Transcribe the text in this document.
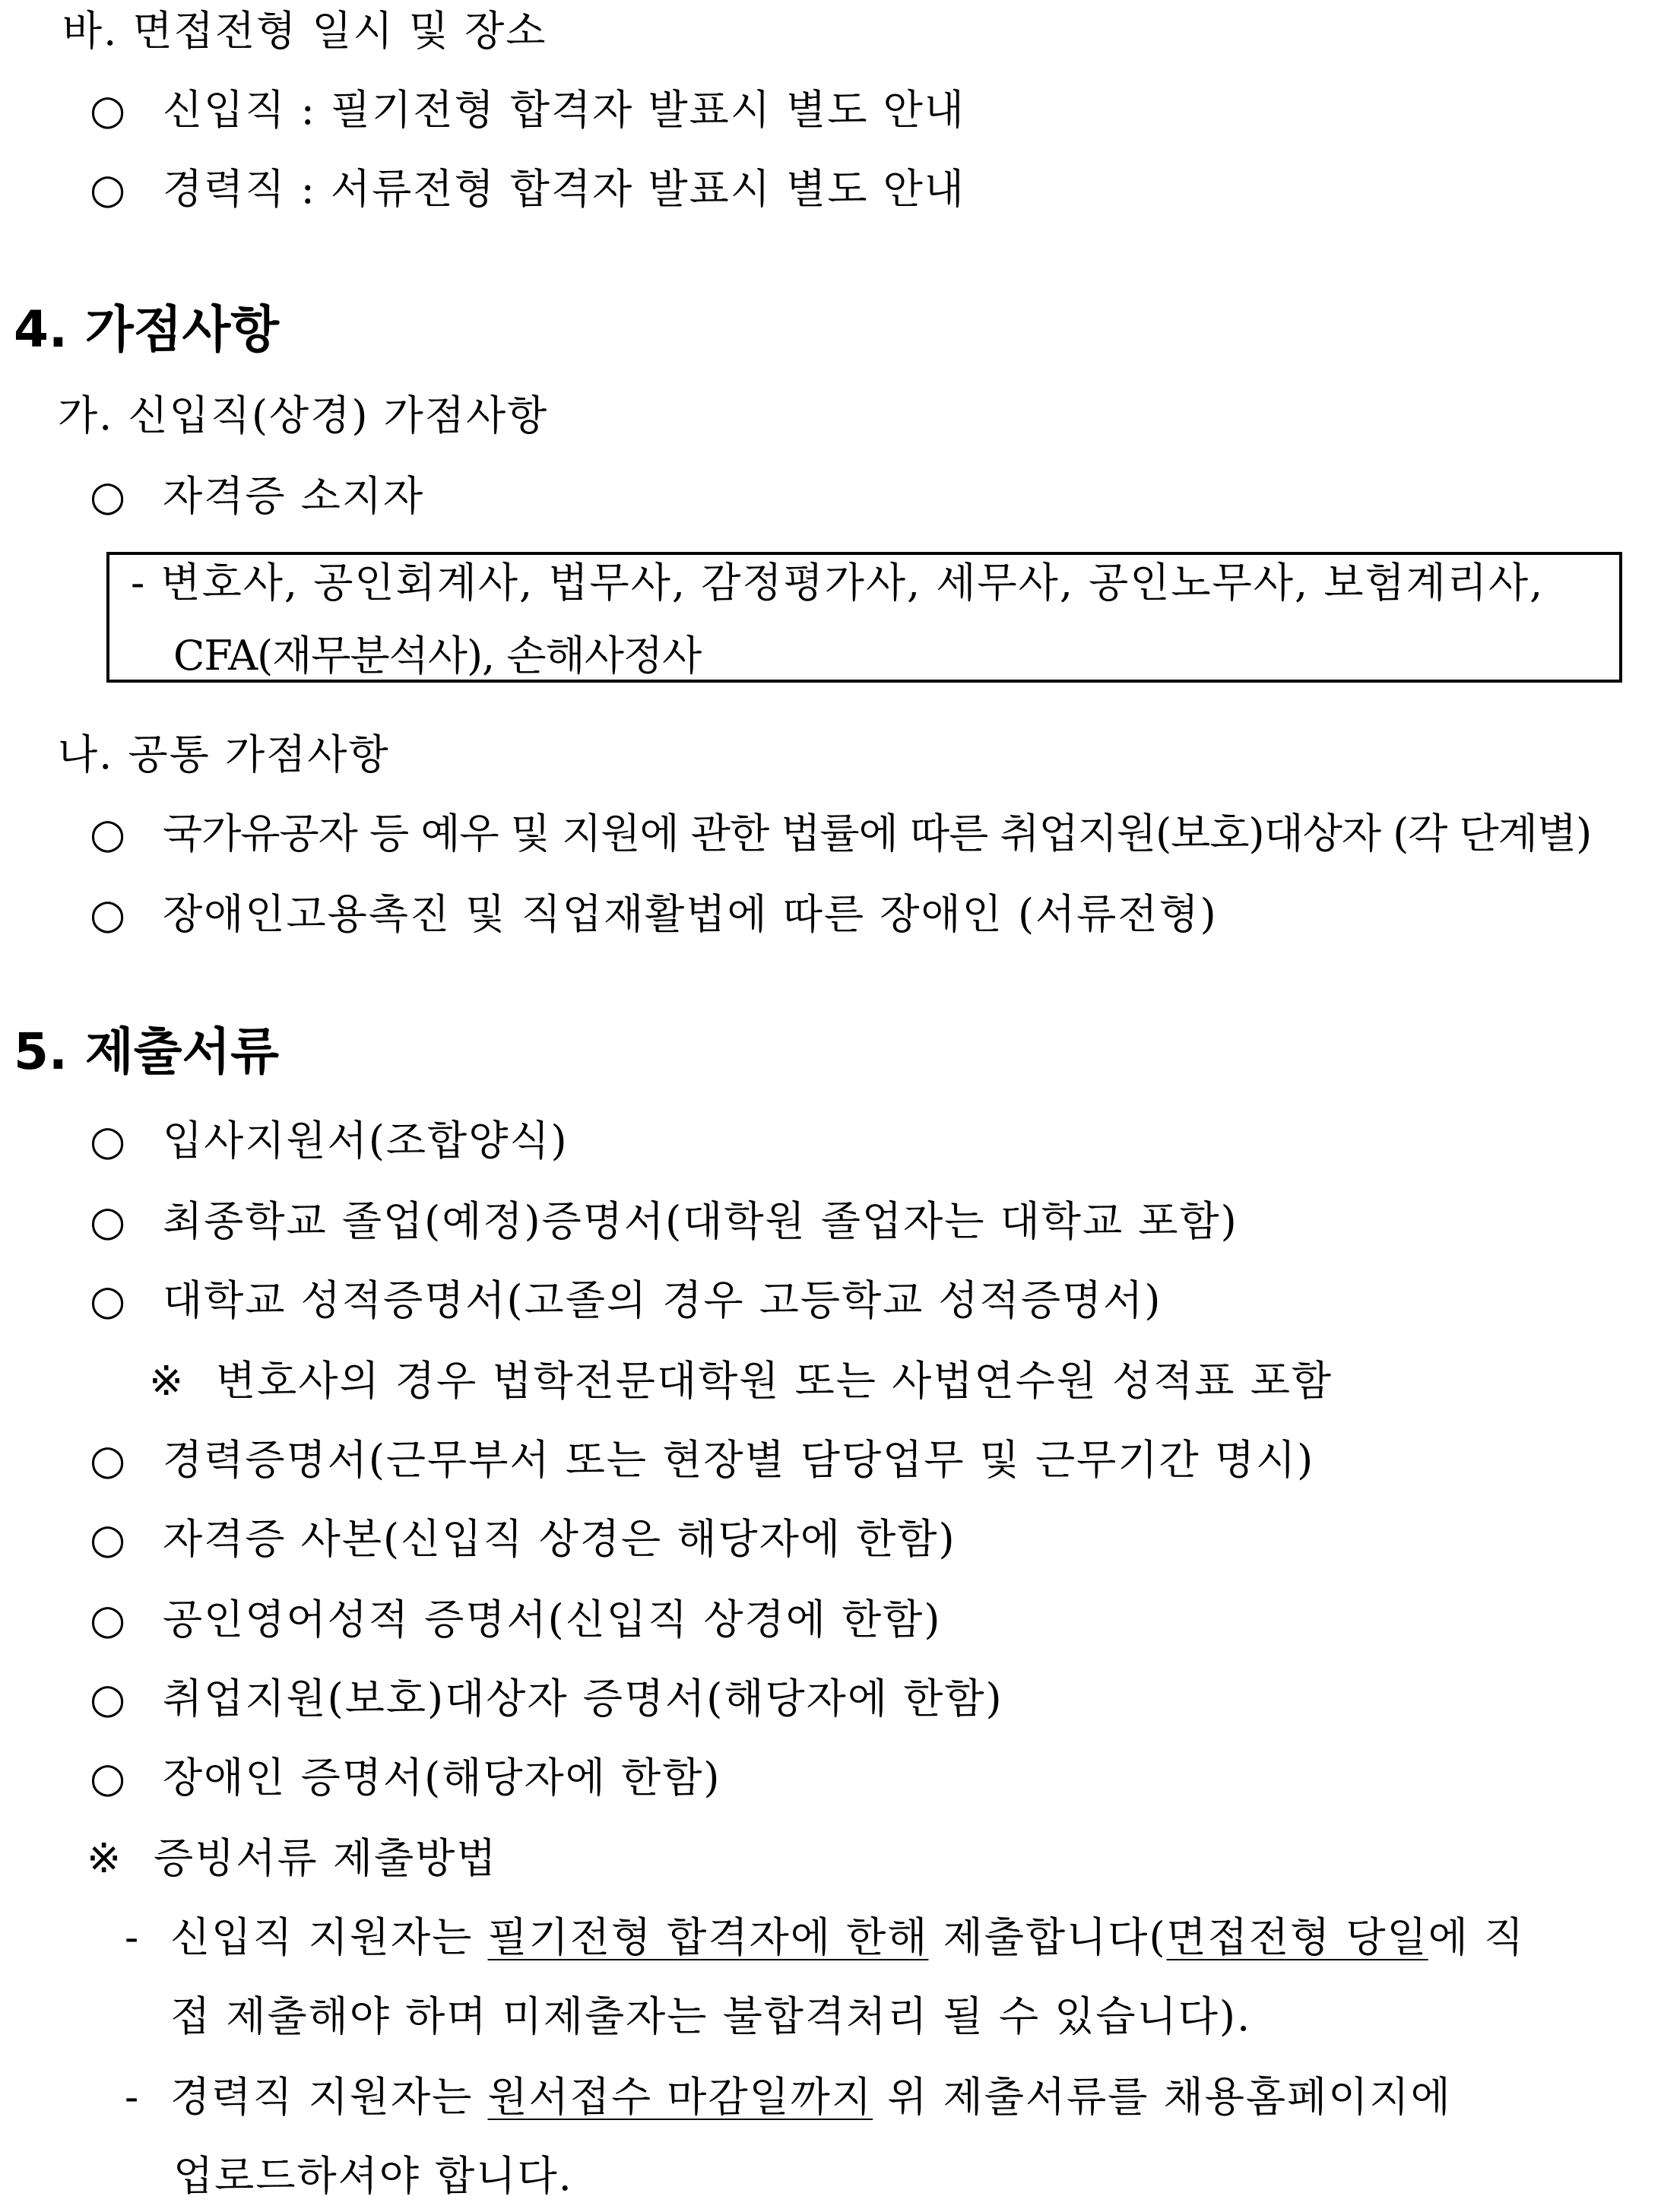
바. 면접전형 일시 및 장소
○ 신입직 : 필기전형 합격자 발표시 별도 안내
○ 경력직 : 서류전형 합격자 발표시 별도 안내
4. 가점사항
가. 신입직(상경) 가점사항
○ 자격증 소지자
- 변호사, 공인회계사, 법무사, 감정평가사, 세무사, 공인노무사, 보험계리사,
CFA(재무분석사), 손해사정사
나. 공통 가점사항
○ 국가유공자 등 예우 및 지원에 관한 법률에 따른 취업지원(보호)대상자 (각 단계별)
○ 장애인고용촉진 및 직업재활법에 따른 장애인 (서류전형)
5. 제출서류
○ 입사지원서(조합양식)
○ 최종학교 졸업(예정)증명서(대학원 졸업자는 대학교 포함)
○ 대학교 성적증명서(고졸의 경우 고등학교 성적증명서)
※ 변호사의 경우 법학전문대학원 또는 사법연수원 성적표 포함
○ 경력증명서(근무부서 또는 현장별 담당업무 및 근무기간 명시)
○ 자격증 사본(신입직 상경은 해당자에 한함)
○ 공인영어성적 증명서(신입직 상경에 한함)
○ 취업지원(보호)대상자 증명서(해당자에 한함)
○ 장애인 증명서(해당자에 한함)
※ 증빙서류 제출방법
- 신입직 지원자는 필기전형 합격자에 한해 제출합니다(면접전형 당일에 직
접 제출해야 하며 미제출자는 불합격처리 될 수 있습니다).
- 경력직 지원자는 원서접수 마감일까지 위 제출서류를 채용홈페이지에
업로드하셔야 합니다.
